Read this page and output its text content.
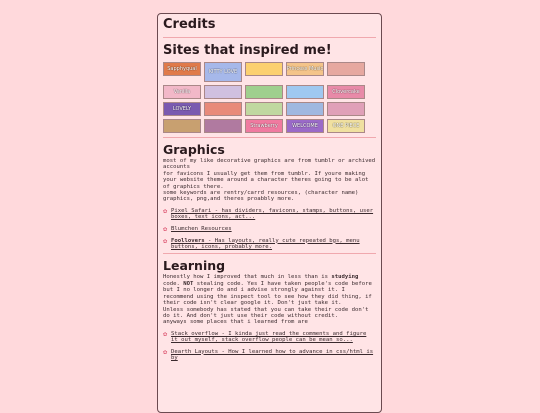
Credits
Sites that inspired me!
Sapphyqual	KITTY LOVE	Princess Music
Vanilla	Clovercake
LOVELY
Strawberry	WELCOME	ONE PIECE
Graphics

most of my like decorative graphics are from tumblr or archived accounts

for favicons I usually get them from tumblr. If youre making your website theme around a character theres going to be alot of graphics there.

some keywords are rentry/carrd resources, (character name) graphics, png,and theres proabbly more.

✿ Pixel Safari - has dividers, favicons, stamps, buttons, user boxes, text icons, act...
✿ Blumchen Resources
✿ Foollovers - Has layouts, really cute repeated bgs, menu buttons, icons, probably more.
Learning

Honestly how I improved that much in less than is studying code. NOT stealing code. Yes I have taken people's code before but I no longer do and i advise strongly against it. I recommend using the inspect tool to see how they did thing, if their code isn't clear google it. Don't just take it.

Unless somebody has stated that you can take their code don't do it. And don't just use their code without credit.

anyways some places that i learned from are

✿ Stack overflow - I kinda just read the comments and figure it out myself, stack overflow people can be mean so...
✿ Dearth Layouts - How I learned how to advance in css/html is by
